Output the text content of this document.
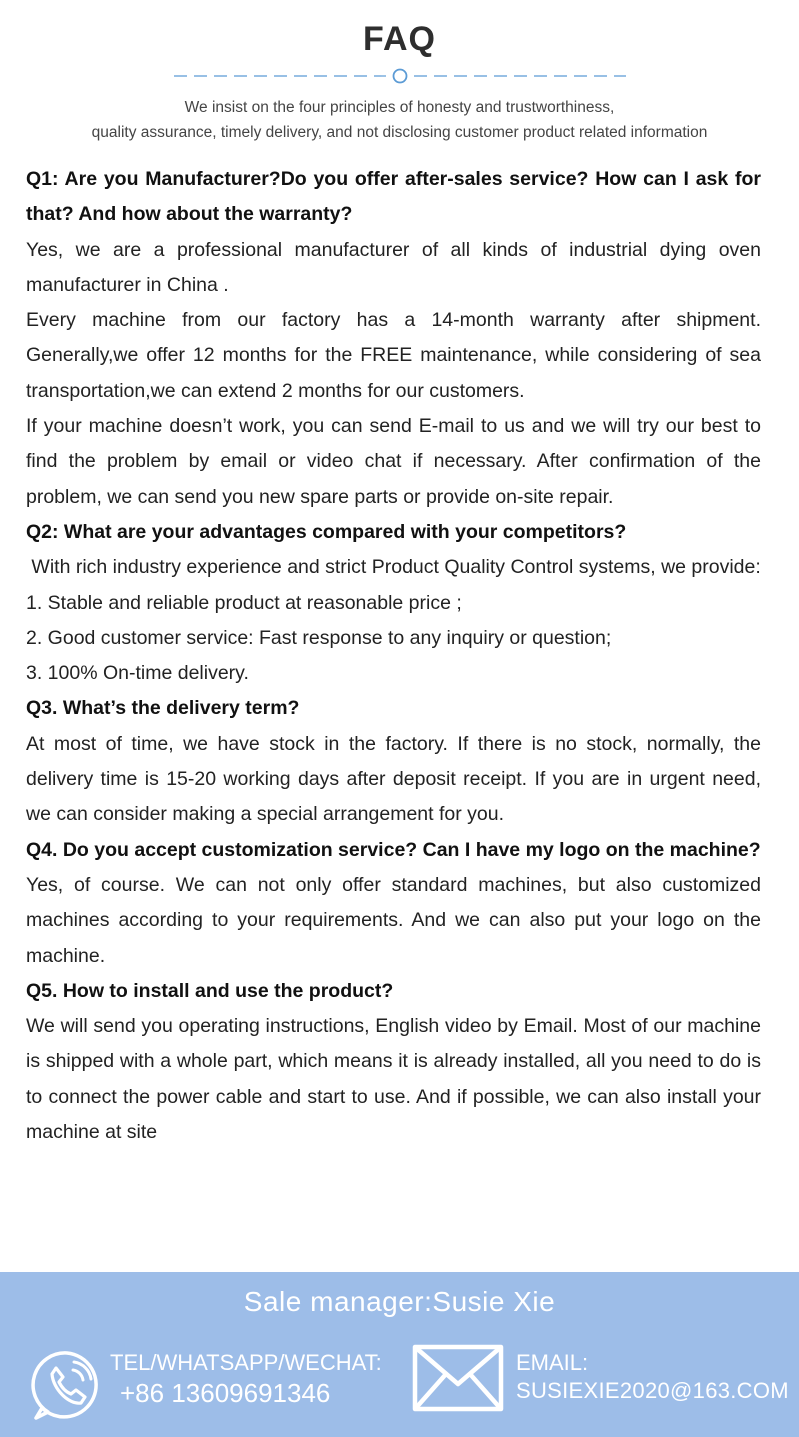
FAQ
We insist on the four principles of honesty and trustworthiness,
quality assurance, timely delivery, and not disclosing customer product related information

Q1: Are you Manufacturer?Do you offer after-sales service? How can I ask for that? And how about the warranty?

Yes, we are a professional manufacturer of all kinds of industrial dying oven manufacturer in China .

Every machine from our factory has a 14-month warranty after shipment. Generally,we offer 12 months for the FREE maintenance, while considering of sea transportation,we can extend 2 months for our customers.

If your machine doesn’t work, you can send E-mail to us and we will try our best to find the problem by email or video chat if necessary. After confirmation of the problem, we can send you new spare parts or provide on-site repair.

Q2: What are your advantages compared with your competitors?

With rich industry experience and strict Product Quality Control systems, we provide:

1. Stable and reliable product at reasonable price ;

2. Good customer service: Fast response to any inquiry or question;

3. 100% On-time delivery.

Q3. What’s the delivery term?

At most of time, we have stock in the factory. If there is no stock, normally, the delivery time is 15-20 working days after deposit receipt. If you are in urgent need, we can consider making a special arrangement for you.

Q4. Do you accept customization service? Can I have my logo on the machine?

Yes, of course. We can not only offer standard machines, but also customized machines according to your requirements. And we can also put your logo on the machine.

Q5. How to install and use the product?

We will send you operating instructions, English video by Email. Most of our machine is shipped with a whole part, which means it is already installed, all you need to do is to connect the power cable and start to use. And if possible, we can also install your machine at site

Sale manager:Susie Xie
TEL/WHATSAPP/WECHAT:
+86 13609691346
EMAIL:
SUSIEXIE2020@163.COM
